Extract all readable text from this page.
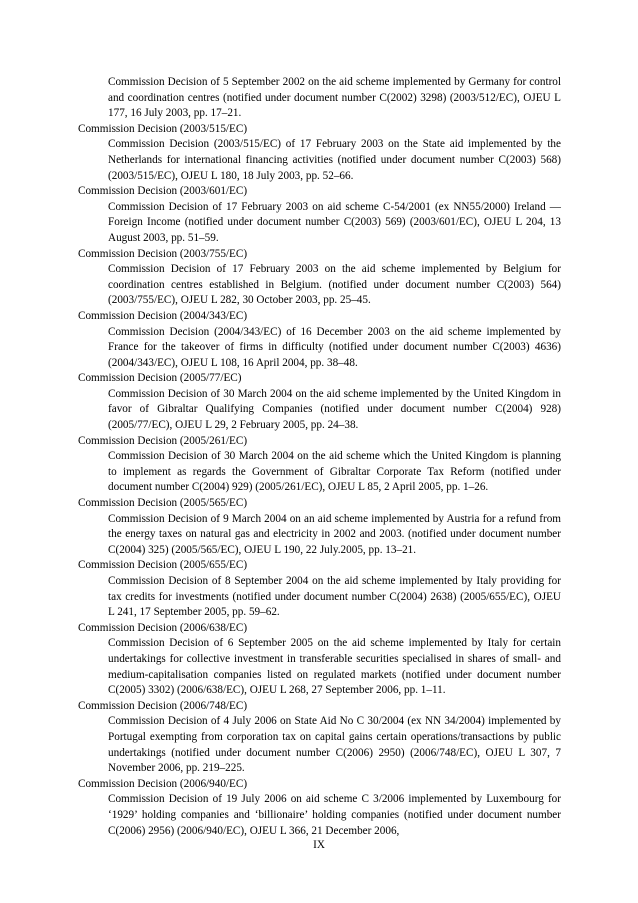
Commission Decision of 5 September 2002 on the aid scheme implemented by Germany for control and coordination centres (notified under document number C(2002) 3298) (2003/512/EC), OJEU L 177, 16 July 2003, pp. 17–21.

Commission Decision (2003/515/EC)

Commission Decision (2003/515/EC) of 17 February 2003 on the State aid implemented by the Netherlands for international financing activities (notified under document number C(2003) 568) (2003/515/EC), OJEU L 180, 18 July 2003, pp. 52–66.

Commission Decision (2003/601/EC)

Commission Decision of 17 February 2003 on aid scheme C-54/2001 (ex NN55/2000) Ireland — Foreign Income (notified under document number C(2003) 569) (2003/601/EC), OJEU L 204, 13 August 2003, pp. 51–59.

Commission Decision (2003/755/EC)

Commission Decision of 17 February 2003 on the aid scheme implemented by Belgium for coordination centres established in Belgium. (notified under document number C(2003) 564) (2003/755/EC), OJEU L 282, 30 October 2003, pp. 25–45.

Commission Decision (2004/343/EC)

Commission Decision (2004/343/EC) of 16 December 2003 on the aid scheme implemented by France for the takeover of firms in difficulty (notified under document number C(2003) 4636) (2004/343/EC), OJEU L 108, 16 April 2004, pp. 38–48.

Commission Decision (2005/77/EC)

Commission Decision of 30 March 2004 on the aid scheme implemented by the United Kingdom in favor of Gibraltar Qualifying Companies (notified under document number C(2004) 928) (2005/77/EC), OJEU L 29, 2 February 2005, pp. 24–38.

Commission Decision (2005/261/EC)

Commission Decision of 30 March 2004 on the aid scheme which the United Kingdom is planning to implement as regards the Government of Gibraltar Corporate Tax Reform (notified under document number C(2004) 929) (2005/261/EC), OJEU L 85, 2 April 2005, pp. 1–26.

Commission Decision (2005/565/EC)

Commission Decision of 9 March 2004 on an aid scheme implemented by Austria for a refund from the energy taxes on natural gas and electricity in 2002 and 2003. (notified under document number C(2004) 325) (2005/565/EC), OJEU L 190, 22 July.2005, pp. 13–21.

Commission Decision (2005/655/EC)

Commission Decision of 8 September 2004 on the aid scheme implemented by Italy providing for tax credits for investments (notified under document number C(2004) 2638) (2005/655/EC), OJEU L 241, 17 September 2005, pp. 59–62.

Commission Decision (2006/638/EC)

Commission Decision of 6 September 2005 on the aid scheme implemented by Italy for certain undertakings for collective investment in transferable securities specialised in shares of small- and medium-capitalisation companies listed on regulated markets (notified under document number C(2005) 3302) (2006/638/EC), OJEU L 268, 27 September 2006, pp. 1–11.

Commission Decision (2006/748/EC)

Commission Decision of 4 July 2006 on State Aid No C 30/2004 (ex NN 34/2004) implemented by Portugal exempting from corporation tax on capital gains certain operations/transactions by public undertakings (notified under document number C(2006) 2950) (2006/748/EC), OJEU L 307, 7 November 2006, pp. 219–225.

Commission Decision (2006/940/EC)

Commission Decision of 19 July 2006 on aid scheme C 3/2006 implemented by Luxembourg for ‘1929’ holding companies and ‘billionaire’ holding companies (notified under document number C(2006) 2956) (2006/940/EC), OJEU L 366, 21 December 2006,

IX
